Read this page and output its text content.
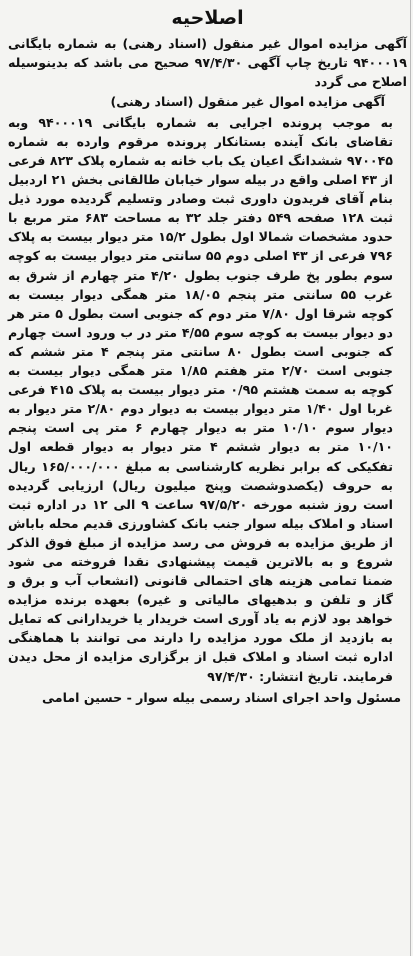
اصلاحیه

آگهی مزایده اموال غیر منقول (اسناد رهنی) به شماره بایگانی ۹۴۰۰۰۱۹ تاریخ چاپ آگهی ۹۷/۴/۳۰ صحیح می باشد که بدینوسیله اصلاح می گردد

آگهی مزایده اموال غیر منقول (اسناد رهنی)

به موجب پرونده اجرایی به شماره بایگانی ۹۴۰۰۰۱۹ وبه تقاضای بانک آینده بستانکار پرونده مرقوم وارده به شماره ۹۷۰۰۴۵ ششدانگ اعیان یک باب خانه به شماره پلاک ۸۲۳ فرعی از ۴۳ اصلی واقع در بیله سوار خیابان طالقانی بخش ۲۱ اردبیل بنام آقای فریدون داوری ثبت وصادر وتسلیم گردیده مورد ذیل ثبت ۱۲۸ صفحه ۵۴۹ دفتر جلد ۳۲ به مساحت ۶۸۳ متر مربع با حدود مشخصات شمالا اول بطول ۱۵/۲ متر دیوار بیست به پلاک ۷۹۶ فرعی از ۴۳ اصلی دوم ۵۵ سانتی متر دیوار بیست به کوچه سوم بطور پخ طرف جنوب بطول ۴/۲۰ متر چهارم از شرق به غرب ۵۵ سانتی متر پنجم ۱۸/۰۵ متر همگی دیوار بیست به کوچه شرقا اول ۷/۸۰ متر دوم که جنوبی است بطول ۵ متر هر دو دیوار بیست به کوچه سوم ۴/۵۵ متر در ب ورود است چهارم که جنوبی است بطول ۸۰ سانتی متر پنجم ۴ متر ششم که جنوبی است ۲/۷۰ متر هفتم ۱/۸۵ متر همگی دیوار بیست به کوچه به سمت هشتم ۰/۹۵ متر دیوار بیست به پلاک ۴۱۵ فرعی غربا اول ۱/۴۰ متر دیوار بیست به دیوار دوم ۲/۸۰ متر دیوار به دیوار سوم ۱۰/۱۰ متر به دیوار چهارم ۶ متر پی است پنجم ۱۰/۱۰ متر به دیوار ششم ۴ متر دیوار به دیوار قطعه اول تفکیکی که برابر نظریه کارشناسی به مبلغ ۱۶۵/۰۰۰/۰۰۰ ریال به حروف (یکصدوشصت وپنج میلیون ریال) ارزیابی گردیده است روز شنبه مورخه ۹۷/۵/۲۰ ساعت ۹ الی ۱۲ در اداره ثبت اسناد و املاک بیله سوار جنب بانک کشاورزی قدیم محله باباش از طریق مزایده به فروش می رسد مزایده از مبلغ فوق الذکر شروع و به بالاترین قیمت پیشنهادی نقدا فروخته می شود ضمنا تمامی هزینه های احتمالی قانونی (انشعاب آب و برق و گاز و تلفن و بدهیهای مالیاتی و غیره) بعهده برنده مزایده خواهد بود لازم به یاد آوری است خریدار یا خریدارانی که تمایل به بازدید از ملک مورد مزایده را دارند می توانند با هماهنگی اداره ثبت اسناد و املاک قبل از برگزاری مزایده از محل دیدن فرمایند. تاریخ انتشار: ۹۷/۴/۳۰

مسئول واحد اجرای اسناد رسمی بیله سوار - حسین امامی
